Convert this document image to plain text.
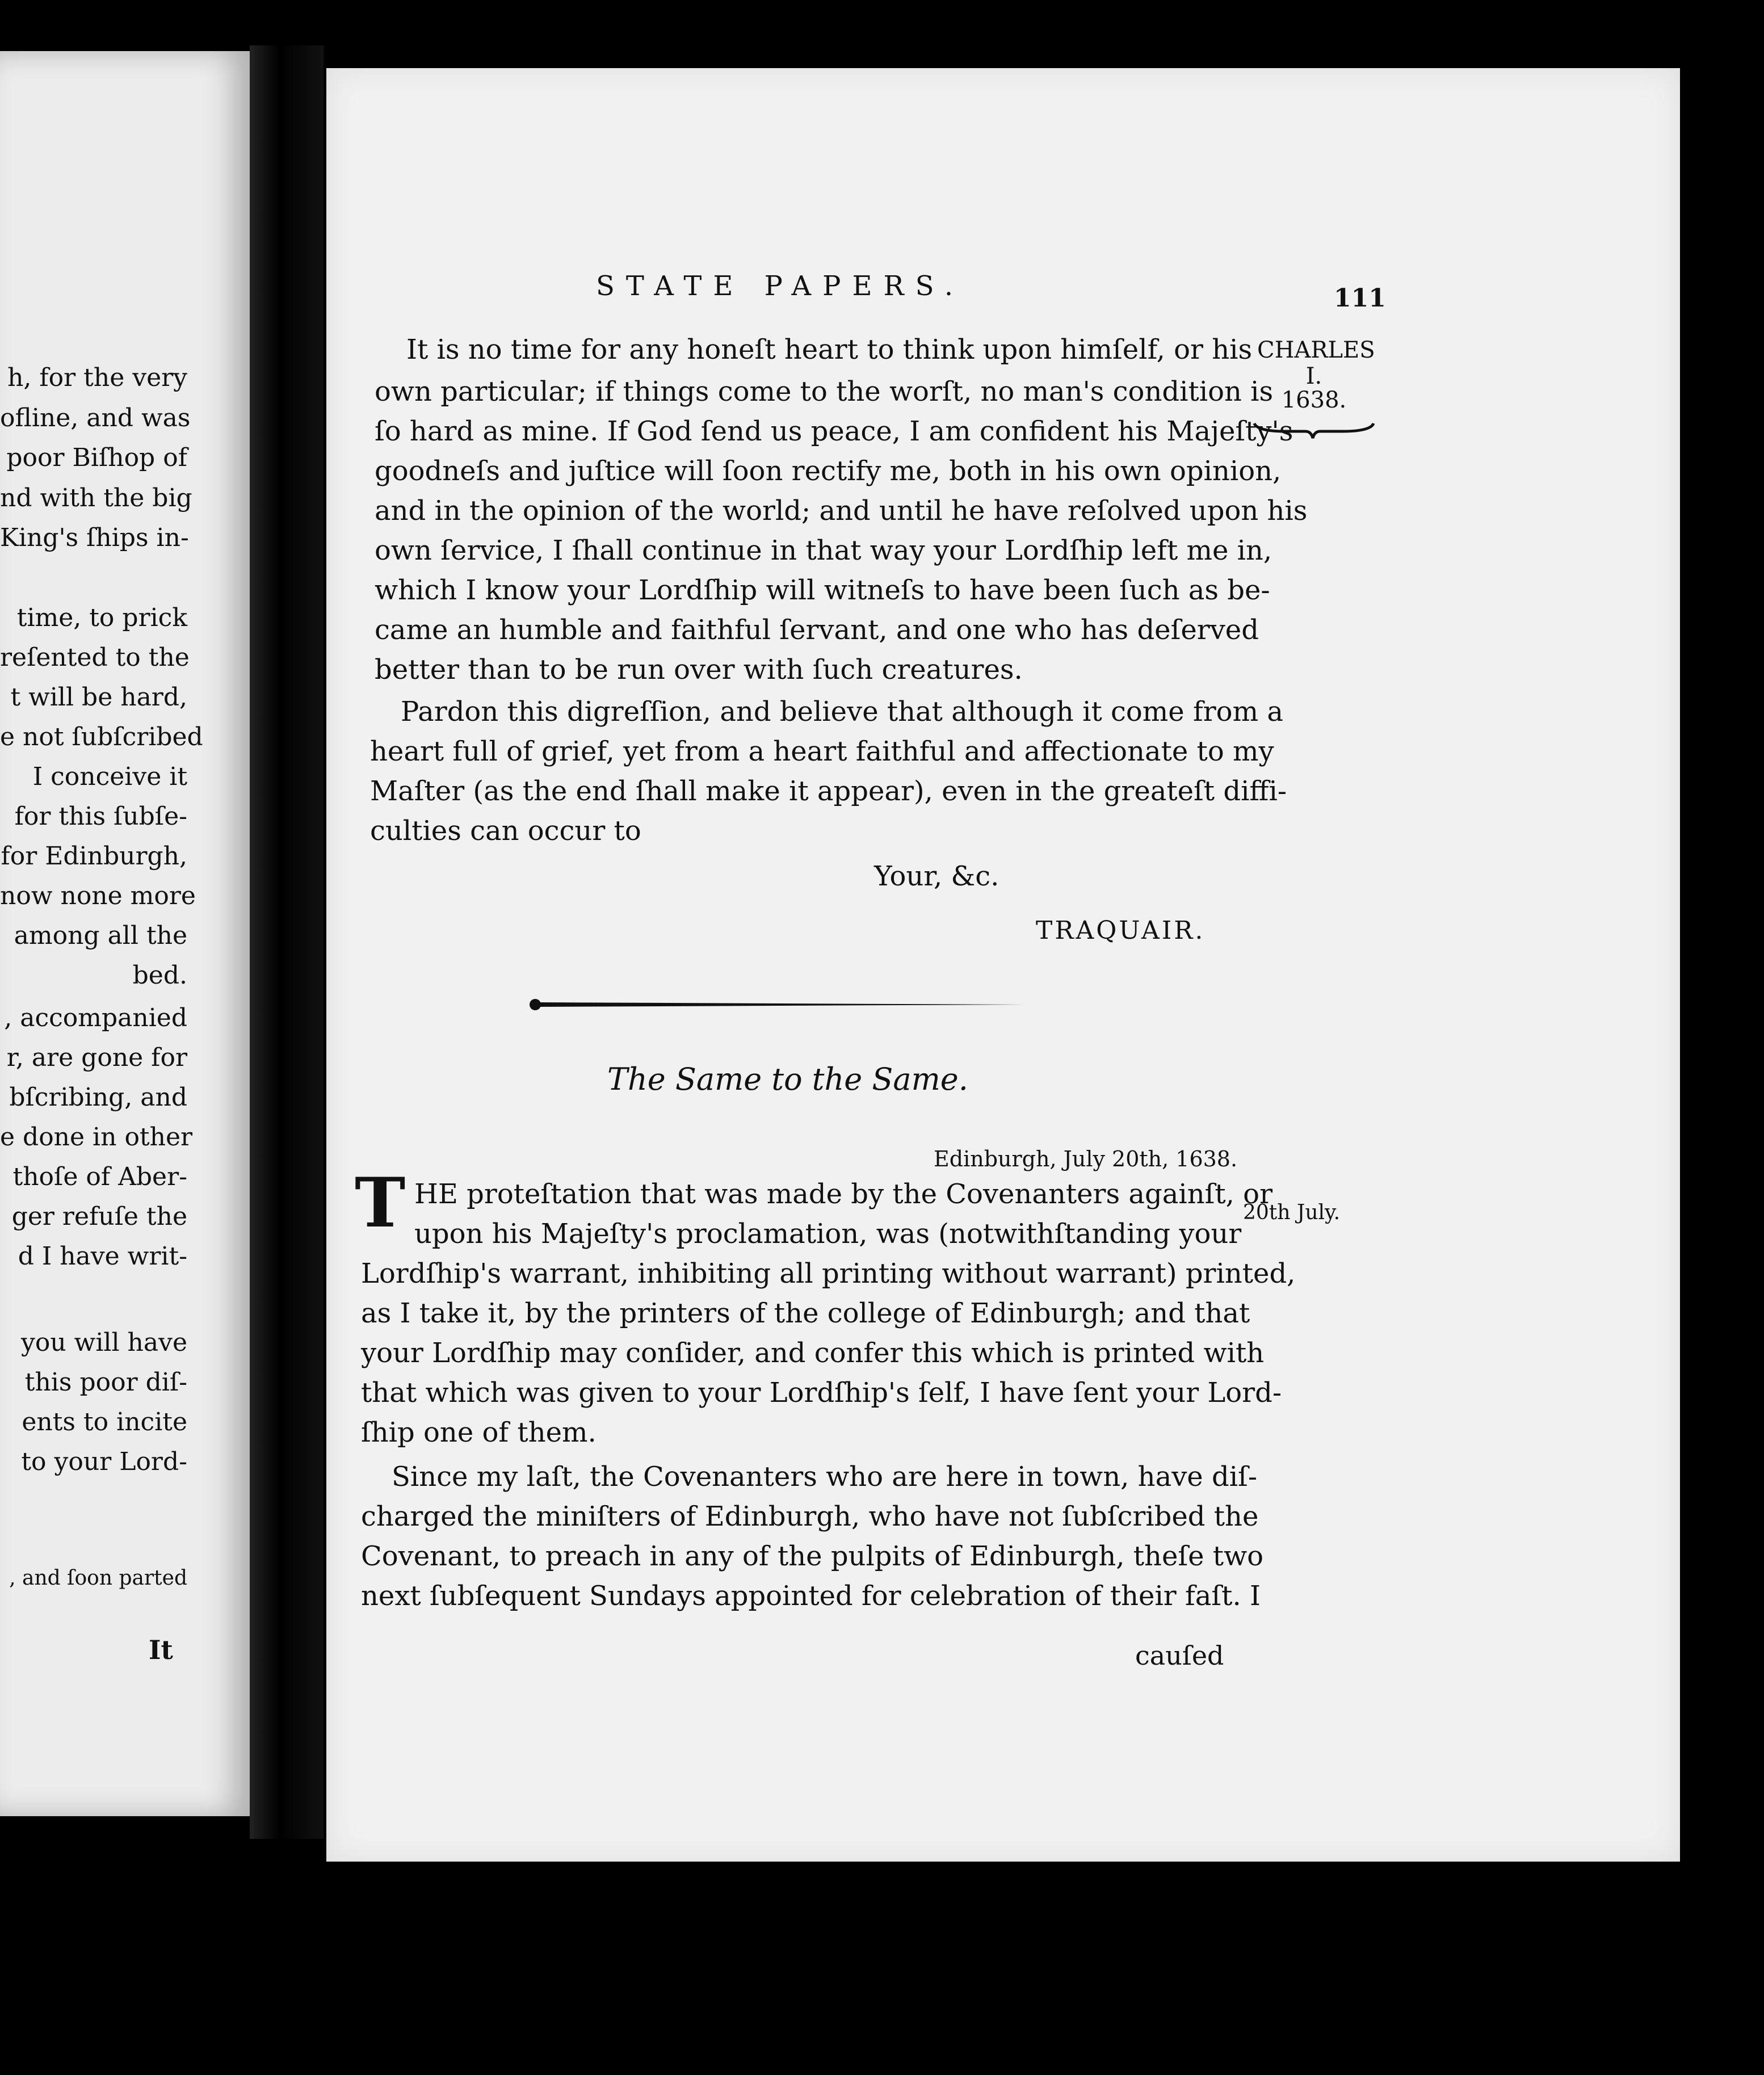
h, for the very
ofline, and was
poor Biſhop of
nd with the big
King's ſhips in-
time, to prick
reſented to the
t will be hard,
e not ſubſcribed
I conceive it
for this ſubſe-
for Edinburgh,
now none more
among all the
bed.
, accompanied
r, are gone for
bſcribing, and
e done in other
thoſe of Aber-
ger refuſe the
d I have writ-
you will have
this poor diſ-
ents to incite
to your Lord-
, and ſoon parted
It
STATE PAPERS.	111
CHARLES
I.
1638.
It is no time for any honeſt heart to think upon himſelf, or his
own particular; if things come to the worſt, no man's condition is
ſo hard as mine. If God ſend us peace, I am confident his Majeſty's
goodneſs and juſtice will ſoon rectify me, both in his own opinion,
and in the opinion of the world; and until he have reſolved upon his
own ſervice, I ſhall continue in that way your Lordſhip left me in,
which I know your Lordſhip will witneſs to have been ſuch as be-
came an humble and faithful ſervant, and one who has deſerved
better than to be run over with ſuch creatures.
Pardon this digreſſion, and believe that although it come from a
heart full of grief, yet from a heart faithful and affectionate to my
Maſter (as the end ſhall make it appear), even in the greateſt diffi-
culties can occur to
Your, &c.
TRAQUAIR.
The Same to the Same.
Edinburgh, July 20th, 1638.
20th July.
T HE proteſtation that was made by the Covenanters againſt, or
upon his Majeſty's proclamation, was (notwithſtanding your
Lordſhip's warrant, inhibiting all printing without warrant) printed,
as I take it, by the printers of the college of Edinburgh; and that
your Lordſhip may conſider, and confer this which is printed with
that which was given to your Lordſhip's ſelf, I have ſent your Lord-
ſhip one of them.
Since my laſt, the Covenanters who are here in town, have diſ-
charged the miniſters of Edinburgh, who have not ſubſcribed the
Covenant, to preach in any of the pulpits of Edinburgh, theſe two
next ſubſequent Sundays appointed for celebration of their faſt. I
cauſed
